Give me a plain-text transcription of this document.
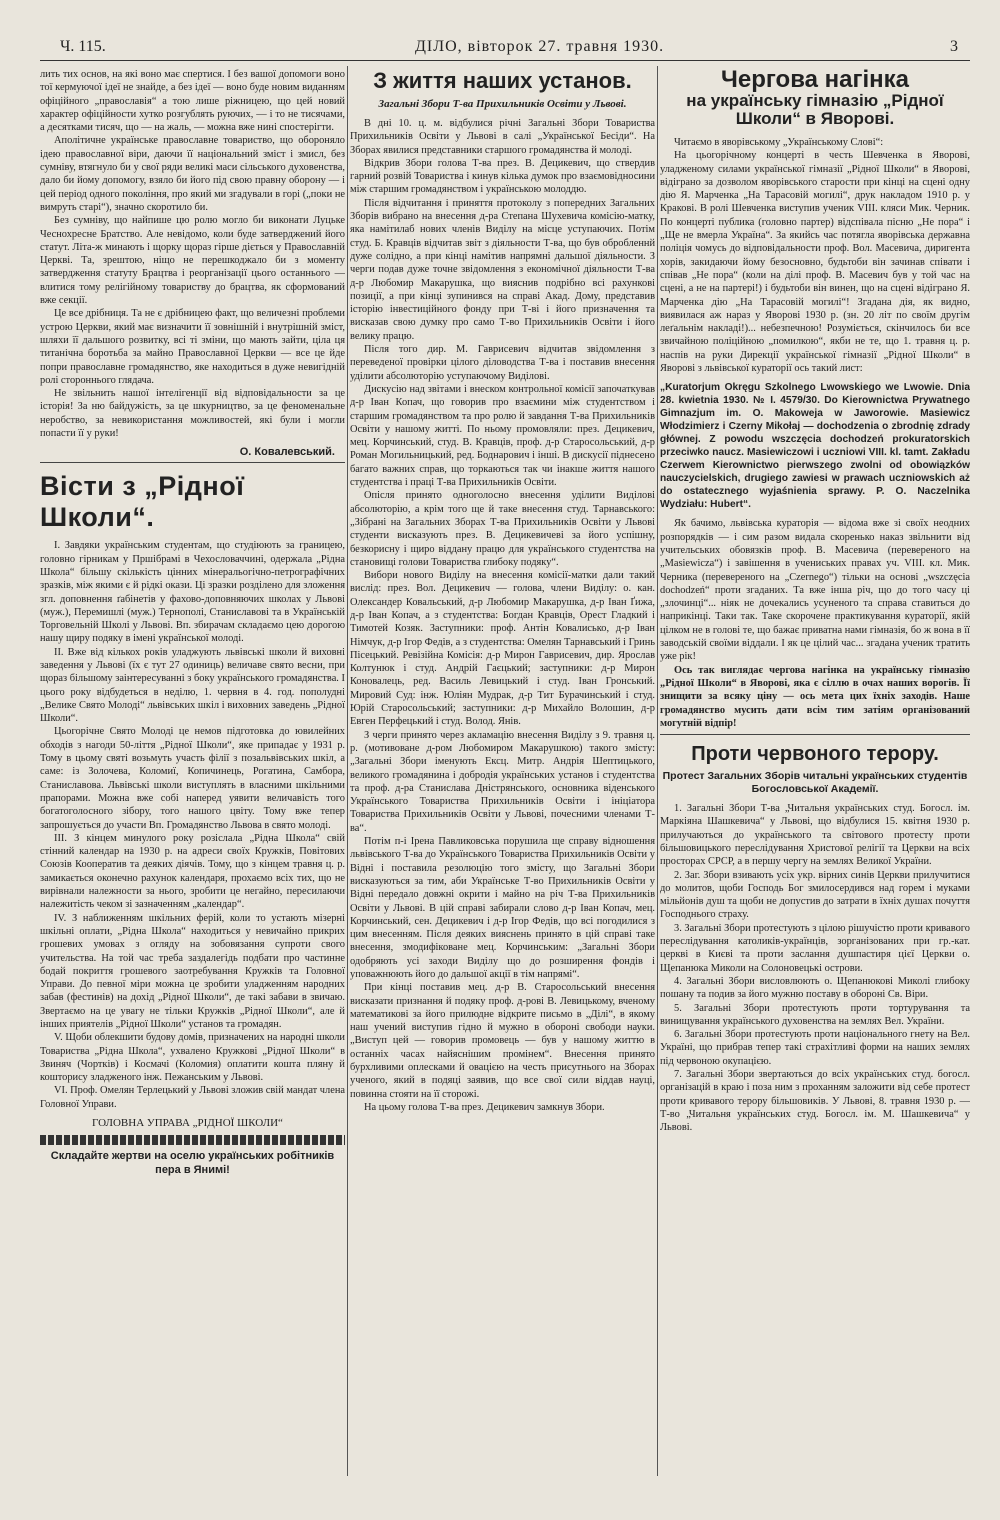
Ч. 115.	ДІЛО, вівторок 27. травня 1930.	3

лить тих основ, на які воно має спертися. І без вашої допомоги воно тої кермуючої ідеї не знайде, а без ідеї — воно буде новим виданням офіційного „православія“ а тою лише ріжницею, що цей новий характер офіційности хутко розгублять руючих, — і то не тисячами, а десятками тисяч, що — на жаль, — можна вже нині спостерігти.

Аполітичне українське православне товариство, що обороняло ідею православної віри, даючи її національний зміст і змисл, без сумніву, втягнуло би у свої ряди великі маси сільського духовенства, дало би йому допомогу, взяло би його під свою правну оборону — і цей період одного покоління, про який ми згадували в горі („поки не вимруть старі“), значно скоротило би.

Без сумніву, що найпише цю ролю могло би виконати Луцьке Чеснохресне Братство. Але невідомо, коли буде затверджений його статут. Літа-ж минають і щорку щораз гірше діється у Православній Церкві. Та, зрештою, ніщо не перешкоджало би з моменту затвердження статуту Брацтва і реорганізації цього останнього — влитися тому релігійному товариству до брацтва, як сформований вже секції.

Це все дрібниця. Та не є дрібницею факт, що величезні проблеми устрою Церкви, який має визначити її зовнішній і внутрішній зміст, шляхи її дальшого розвитку, всі ті зміни, що мають зайти, ціла ця титанічна боротьба за майно Православної Церкви — все це йде попри православне громадянство, яке находиться в дуже невигідній ролі стороннього глядача.

Не звільнить нашої інтелігенції від відповідальности за це історія! За ню байдужість, за це шкурництво, за це феноменальне неробство, за невикористання можливостей, які були і могли попасти її у руки!

О. Ковалевський.
Вісти з „Рідної Школи“.

І. Завдяки українським студентам, що студіюють за границею, головно гірникам у Пршібрамі в Чехословаччині, одержала „Рідна Школа“ більшу скількість цінних мінеральогічно-петрографічних зразків, між якими є й рідкі окази. Ці зразки розділено для зложення згл. доповнення ґабінетів у фахово-доповняючих школах у Львові (муж.), Перемишлі (муж.) Тернополі, Станиславові та в Українській Торговельній Школі у Львові. Вп. збирачам складаємо цею дорогою нашу щиру подяку в імені української молоді.

ІІ. Вже від кількох років уладжують львівські школи й виховні заведення у Львові (їх є тут 27 одиниць) величаве свято весни, при щораз більшому заінтересуванні з боку українського громадянства. І цього року відбудеться в неділю, 1. червня в 4. год. пополудні „Велике Свято Молоді“ львівських шкіл і виховних заведень „Рідної Школи“.

Цьогорічне Свято Молоді це немов підготовка до ювилейних обходів з нагоди 50-ліття „Рідної Школи“, яке припадає у 1931 р. Тому в цьому святі возьмуть участь філії з позальвівських шкіл, а саме: із Золочева, Коломиї, Копичинець, Рогатина, Самбора, Станиславова. Львівські школи виступлять в власними шкільними прапорами. Можна вже собі наперед уявити величавість того богатоголосного зібору, того нашого цвіту. Тому вже тепер запрошується до участи Вп. Громадянство Львова в свято молоді.

ІІІ. З кінцем минулого року розіслала „Рідна Школа“ свій стінний календар на 1930 р. на адреси своїх Кружків, Повітових Союзів Кооператив та деяких діячів. Тому, що з кінцем травня ц. р. замикається оконечно рахунок календаря, прохаємо всіх тих, що не вирівнали належности за нього, зробити це негайно, пересилаючи належитість чеком зі зазначенням „календар“.

IV. З наближенням шкільних ферій, коли то устають мізерні шкільні оплати, „Рідна Школа“ находиться у невичайно прикрих грошевих умовах з огляду на зобовязання супроти свого учительства. На той час треба заздалегідь подбати про частинне бодай покриття грошевого заотребування Кружків та Головної Управи. До певної міри можна це зробити уладженням народних забав (фестинів) на дохід „Рідної Школи“, де такі забави в звичаю. Звертаємо на це увагу не тільки Кружків „Рідної Школи“, але й інших приятелів „Рідної Школи“ установ та громадян.

V. Щоби облекшити будову домів, призначених на народні школи Товариства „Рідна Школа“, ухвалено Кружкові „Рідної Школи“ в Звиняч (Чортків) і Космачі (Коломия) оплатити кошта пляну й кошторису зладженого інж. Пежанським у Львові.

VI. Проф. Омелян Терлецький у Львові зложив свій мандат члена Головної Управи.

ГОЛОВНА УПРАВА „РІДНОЇ ШКОЛИ“
Складайте жертви на оселю українських робітників пера в Янимі!
З життя наших установ.
Загальні Збори Т-ва Прихильників Освіти у Львові.

В днi 10. ц. м. відбулися річні Загальні Збори Товариства Прихильників Освіти у Львові в салі „Української Бесіди“. На Зборах явилися представники старшого громадянства й молоді.

Відкрив Збори голова Т-ва през. В. Децикевич, що ствердив гарний розвій Товариства і кинув кілька думок про взаємовідносини між старшим громадянством і українською молоддю.

Після відчитання і приняття протоколу з попередних Загальних Зборів вибрано на внесення д-ра Степана Шухевича комісію-матку, яка намітилаб нових членів Виділу на місце уступаючих. Потім студ. Б. Кравців відчитав звіт з діяльности Т-ва, що був обробленнй дуже солідно, а при кінці намітив напрямні дальшої діяльности. З черги подав дуже точне звідомлення з економічної діяльности Т-ва д-р Любомир Макарушка, що вияснив подрібно всі рахункові позиції, а при кінці зупинився на справі Акад. Дому, представив історію інвестиційного фонду при Т-ві і його призначення та висказав свою думку про само Т-во Прихильників Освіти і його велику працю.

Після того дир. М. Гаврисевич відчитав звідомлення з переведеної провірки цілого діловодства Т-ва і поставив внесення уділити абсолюторію уступаючому Виділові.

Дискусію над звітами і внеском контрольної комісії започаткував д-р Іван Копач, що говорив про взаємини між студентством і старшим громадянством та про ролю й завдання Т-ва Прихильників Освіти у нашому житті. По ньому промовляли: през. Децикевич, мец. Корчинський, студ. В. Кравців, проф. д-р Старосольський, д-р Роман Могильницький, ред. Боднарович і інші. В дискусії піднесено багато важних справ, що торкаються так чи інакше життя нашого студентства і праці Т-ва Прихильників Освіти.

Опісля принято одноголосно внесення уділити Виділові абсолюторію, а крім того ще й таке внесення студ. Тарнавського: „Зібрані на Загальних Зборах Т-ва Прихильників Освіти у Львові студенти висказують през. В. Децикевичеві за його успішну, безкорисну і щиро віддану працю для українського студентства на становищі голови Товариства глибоку подяку“.

Вибори нового Виділу на внесення комісії-матки дали такий вислід: през. Вол. Децикевич — голова, члени Виділу: о. кан. Олександер Ковальський, д-р Любомир Макарушка, д-р Іван Ґижа, д-р Іван Копач, а з студентства: Богдан Кравців, Орест Гладкий і Тимотей Козяк. Заступники: проф. Антін Ковалисько, д-р Іван Німчук, д-р Ігор Федів, а з студентства: Омелян Тарнавський і Гринь Пісецький. Ревізійна Комісія: д-р Мирон Гаврисевич, дир. Ярослав Колтунюк і студ. Андрій Гаєцький; заступники: д-р Мирон Коновалець, ред. Василь Левицький і студ. Іван Гронський. Мировий Суд: інж. Юліян Мудрак, д-р Тит Бурачинський і студ. Юрій Старосольський; заступники: д-р Михайло Волошин, д-р Евген Перфецький і студ. Волод. Янів.

З черги принято через акламацію внесення Виділу з 9. травня ц. р. (мотивоване д-ром Любомиром Макарушкою) такого змісту: „Загальні Збори іменують Ексц. Митр. Андрія Шептицького, великого громадянина і добродія українських установ і студентства та проф. д-ра Станислава Дністрянського, основника віденського Українського Товариства Прихильників Освіти і ініціатора Товариства Прихильників Освіти у Львові, почесними членами Т-ва“.

Потім п-і Ірена Павликовська порушила ще справу відношення львівського Т-ва до Українського Товариства Прихильників Освіти у Відні і поставила резолюцію того змісту, що Загальні Збори висказуються за тим, аби Українське Т-во Прихильників Освіти у Відні передало довжні окрити і майно на річ Т-ва Прихильників Освіти у Львові. В цій справі забирали слово д-р Іван Копач, мец. Корчинський, сен. Децикевич і д-р Ігор Федів, що всі погодилися з цим внесенням. Після деяких вияснень принято в цій справі таке внесення, змодифіковане мец. Корчинським: „Загальні Збори одобряють усі заходи Виділу що до розширення фондів і уповажнюють його до дальшої акції в тім напрямі“.

При кінці поставив мец. д-р В. Старосольський внесення висказати признання й подяку проф. д-рові В. Левицькому, вченому математикові за його прилюдне відкрите письмо в „Ділі“, в якому наш учений виступив гідно й мужно в обороні свободи науки. „Виступ цей — говорив промовець — був у нашому життю в останніх часах найяснішим промінем“. Внесення принято бурхливими оплесками й овацією на честь присутнього на Зборах ученого, який в подяці заявив, що все свої сили віддав науці, повинна стояти на її сторожі.

На цьому голова Т-ва през. Децикевич замкнув Збори.

Чергова нагінка
на українську гімназію „Рідної Школи“ в Яворові.

Читаємо в яворівському „Українському Слові“:

На цьогорічному концерті в честь Шевченка в Яворові, уладженому силами української гімназії „Рідної Школи“ в Яворові, відіграно за дозволом яворівського старости при кінці на сцені одну дію Я. Марченка „На Тарасовій могилі“, друк накладом 1910 р. у Кракові. В ролі Шевченка виступив ученик VIII. кляси Мик. Черник. По концерті публика (головно партер) відспівала пісню „Не пора“ і „Ще не вмерла Україна“. За якийсь час потягла яворівська державна поліція чомусь до відповідальности проф. Вол. Масевича, диригента хорів, закидаючи йому безосновно, будьтоби він зачинав співати і співав „Не пора“ (коли на ділі проф. В. Масевич був у той час на сцені, а не на партері!) і будьтоби він винен, що на сцені відіграно Я. Марченка дію „На Тарасовій могилі“! Згадана дія, як видно, виявилася аж нараз у Яворові 1930 р. (зн. 20 літ по своїм другім леґальнім накладі!)... небезпечною! Розуміється, скінчилось би все звичайною поліційною „помилкою“, якби не те, що 1. травня ц. р. наспів на руки Дирекції української гімназії „Рідної Школи“ в Яворові з львівської кураторії ось такий лист:

„Kuratorjum Okręgu Szkolnego Lwowskiego we Lwowie. Dnia 28. kwietnia 1930. № I. 4579/30. Do Kierownictwa Prywatnego Gimnazjum im. O. Makoweja w Jaworowie. Masiewicz Włodzimierz i Czerny Mikołaj — dochodzenia o zbrodnię zdrady głównej. Z powodu wszczęcia dochodzeń prokuratorskich przeciwko naucz. Masiewiczowi i uczniowi VIII. kl. tamt. Zakładu Czerwem Kierownictwo pierwszego zwolni od obowiązków nauczycielskich, drugiego zawiesi w prawach uczniowskich aż do ostatecznego wyjaśnienia sprawy. P. O. Naczelnika Wydziału: Hubert“.

Як бачимо, львівська кураторія — відома вже зі своїх неодних розпорядків — і сим разом видала скоренько наказ звільнити від учительських обовязків проф. В. Масевича (перевереного на „Masiewicza“) і завішення в учениських правах уч. VIII. кл. Мик. Черника (перевереного на „Czernego“) тільки на основі „wszczęcia dochodzeń“ проти згаданих. Та вже інша річ, що до того часу ці „злочинці“... ніяк не дочекались усуненого та справа ставиться до наприкінці. Таки так. Таке скорочене практикування кураторії, якій цілком не в голові те, що бажає приватна нами гімназія, бо ж вона в її заводській своїми віддали. І як це цілий час... згадана ученик тратить уже рік!

Ось так виглядає чергова нагінка на українську гімназію „Рідної Школи“ в Яворові, яка є сіллю в очах наших ворогів. Її знищити за всяку ціну — ось мета цих їхніх заходів. Наше громадянство мусить дати всім тим затіям організований могутній відпір!

Проти червоного терору.
Протест Загальних Зборів читальні українських студентів Богословської Академії.

1. Загальні Збори Т-ва „Читальня українських студ. Богосл. ім. Маркіяна Шашкевича“ у Львові, що відбулися 15. квітня 1930 р. прилучаються до українського та світового протесту проти більшовицького переслідування Христової релігії та Церкви на всіх просторах СРСР, а в першу чергу на землях Великої України.

2. Заг. Збори взивають усіх укр. вірних синів Церкви прилучитися до молитов, щоби Господь Бог змилосердився над горем і муками мільйонів душ та щоби не допустив до затрати в їхніх душах почуття Господнього страху.

3. Загальні Збори протестують з цілою рішучістю проти кривавого переслідування католиків-українців, зорганізованих при гр.-кат. церкві в Києві та проти заслання душпастиря цієї Церкви о. Щепанюка Миколи на Солоновецькі острови.

4. Загальні Збори висловлюють о. Щепанюкові Миколі глибоку пошану та подив за його мужню поставу в обороні Св. Віри.

5. Загальні Збори протестують проти тортурування та винищування українського духовенства на землях Вел. України.

6. Загальні Збори протестують проти національного гнету на Вел. Україні, що прибрав тепер такі страхітливі форми на наших землях під червоною окупацією.

7. Загальні Збори звертаються до всіх українських студ. богосл. організацій в краю і поза ним з проханням заложити від себе протест проти кривавого терору більшовиків. У Львові, 8. травня 1930 р. — Т-во „Читальня українських студ. Богосл. ім. М. Шашкевича“ у Львові.
